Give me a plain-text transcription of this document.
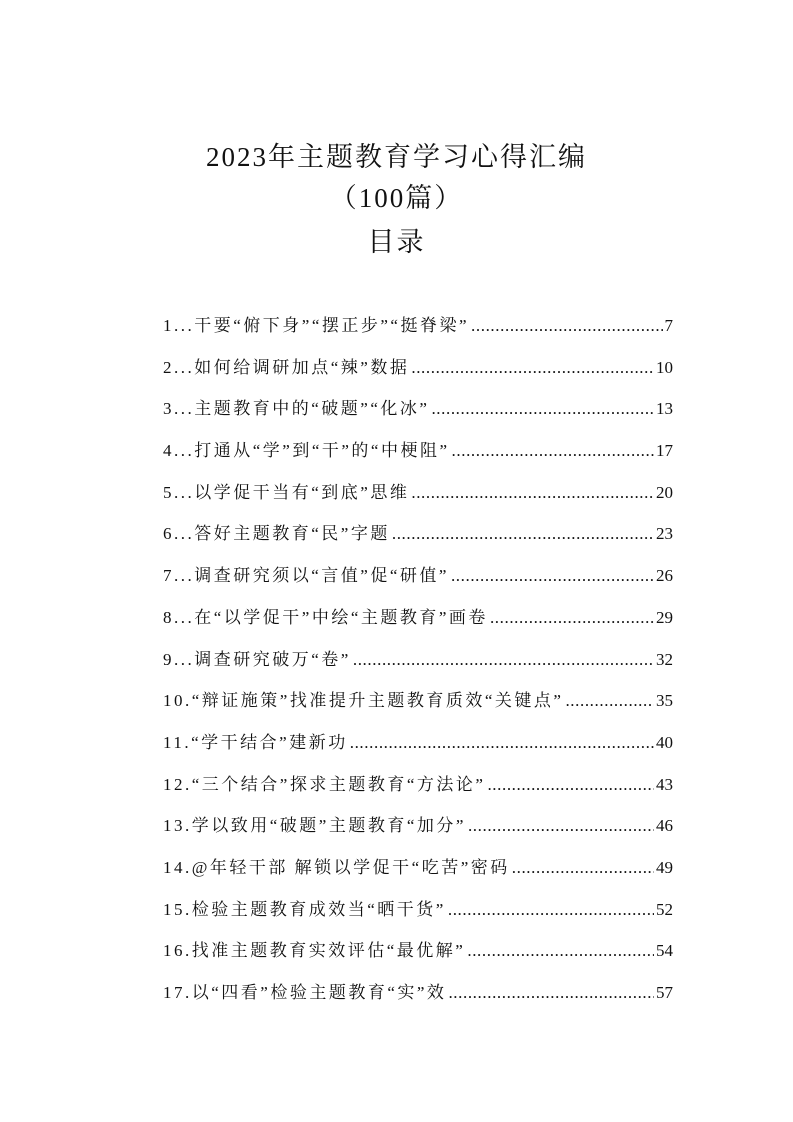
2023年主题教育学习心得汇编
（100篇）
目录
1...干要“俯下身”“摆正步”“挺脊梁” .....	7
2...如何给调研加点“辣”数据 .....	10
3...主题教育中的“破题”“化冰” .....	13
4...打通从“学”到“干”的“中梗阻” .....	17
5...以学促干当有“到底”思维 .....	20
6...答好主题教育“民”字题 .....	23
7...调查研究须以“言值”促“研值” .....	26
8...在“以学促干”中绘“主题教育”画卷 .....	29
9...调查研究破万“卷” .....	32
10.“辩证施策”找准提升主题教育质效“关键点” .....	35
11.“学干结合”建新功 .....	40
12.“三个结合”探求主题教育“方法论” .....	43
13.学以致用“破题”主题教育“加分” .....	46
14.@年轻干部 解锁以学促干“吃苦”密码 .....	49
15.检验主题教育成效当“晒干货” .....	52
16.找准主题教育实效评估“最优解” .....	54
17.以“四看”检验主题教育“实”效 .....	57
